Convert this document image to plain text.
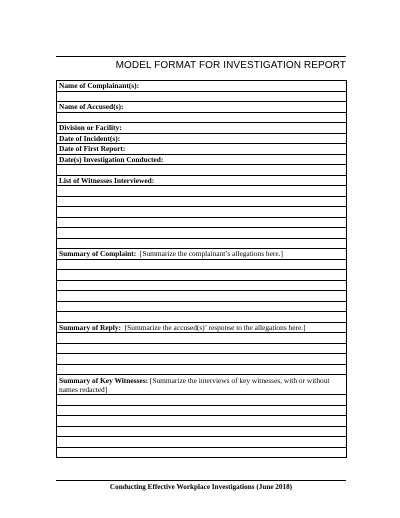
MODEL FORMAT FOR INVESTIGATION REPORT
Name of Complainant(s):
Name of Accused(s):
Division or Facility:
Date of Incident(s):
Date of First Report:
Date(s) Investigation Conducted:
List of Witnesses Interviewed:
Summary of Complaint: [Summarize the complainant’s allegations here.]
Summary of Reply: [Summarize the accused(s)’ response to the allegations here.]
Summary of Key Witnesses: [Summarize the interviews of key witnesses, with or without names redacted]
Conducting Effective Workplace Investigations (June 2018)
